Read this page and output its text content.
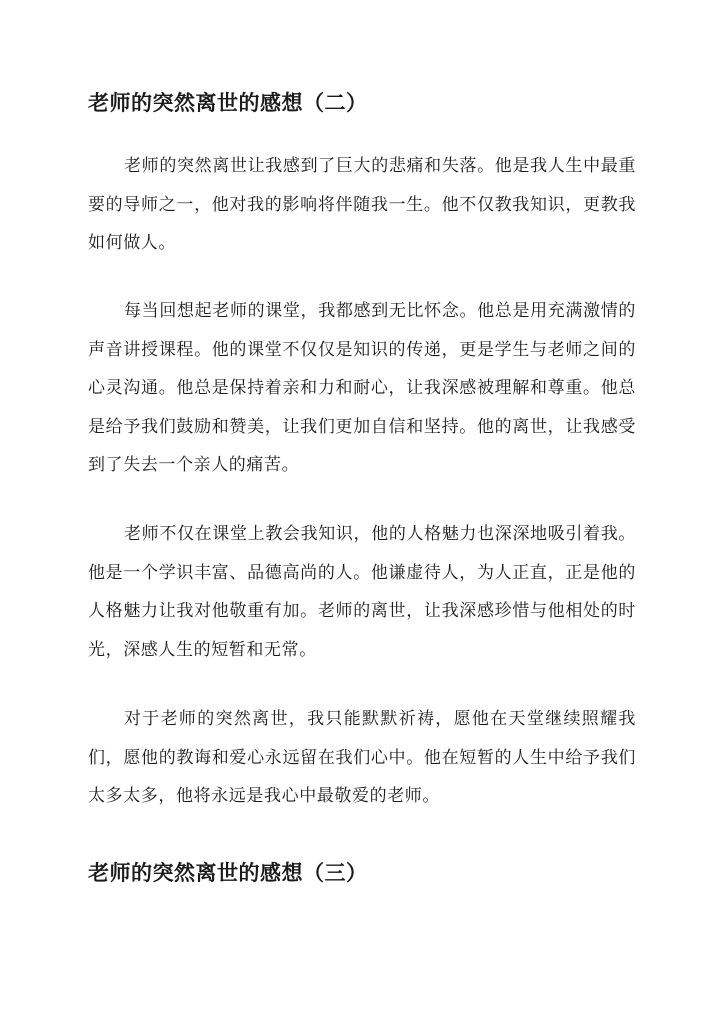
老师的突然离世的感想（二）

老师的突然离世让我感到了巨大的悲痛和失落。他是我人生中最重要的导师之一，他对我的影响将伴随我一生。他不仅教我知识，更教我如何做人。

每当回想起老师的课堂，我都感到无比怀念。他总是用充满激情的声音讲授课程。他的课堂不仅仅是知识的传递，更是学生与老师之间的心灵沟通。他总是保持着亲和力和耐心，让我深感被理解和尊重。他总是给予我们鼓励和赞美，让我们更加自信和坚持。他的离世，让我感受到了失去一个亲人的痛苦。

老师不仅在课堂上教会我知识，他的人格魅力也深深地吸引着我。他是一个学识丰富、品德高尚的人。他谦虚待人，为人正直，正是他的人格魅力让我对他敬重有加。老师的离世，让我深感珍惜与他相处的时光，深感人生的短暂和无常。

对于老师的突然离世，我只能默默祈祷，愿他在天堂继续照耀我们，愿他的教诲和爱心永远留在我们心中。他在短暂的人生中给予我们太多太多，他将永远是我心中最敬爱的老师。

老师的突然离世的感想（三）
